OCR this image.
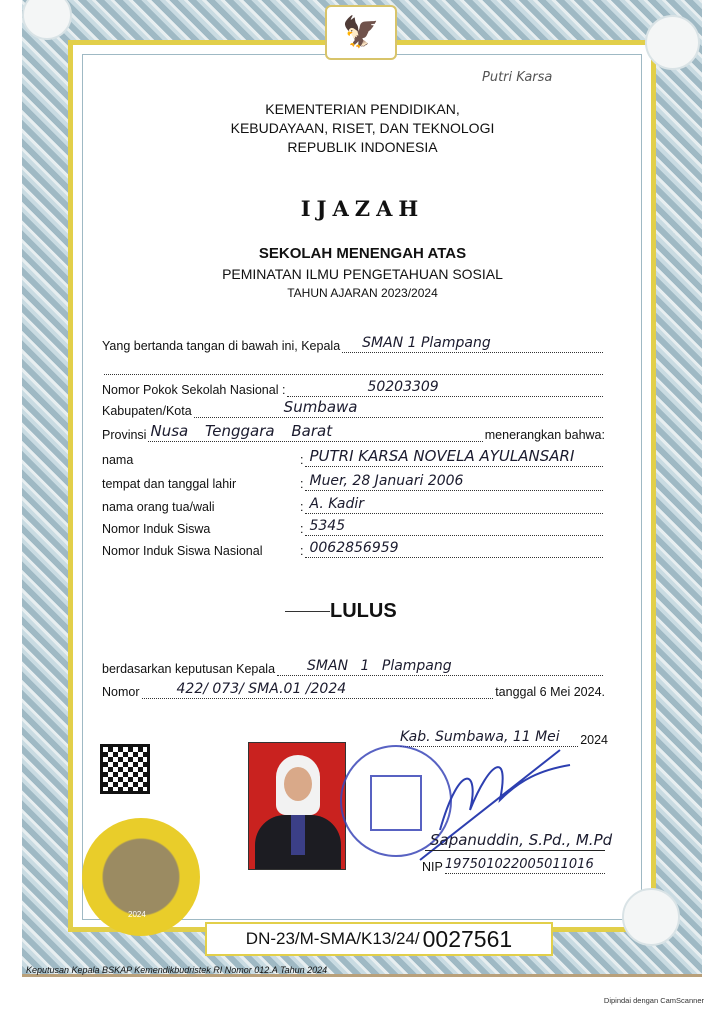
🦅
Putri Karsa
KEMENTERIAN PENDIDIKAN,
KEBUDAYAAN, RISET, DAN TEKNOLOGI
REPUBLIK INDONESIA
IJAZAH
SEKOLAH MENENGAH ATAS
PEMINATAN ILMU PENGETAHUAN SOSIAL
TAHUN AJARAN 2023/2024
Yang bertanda tangan di bawah ini, Kepala SMAN 1 Plampang
Nomor Pokok Sekolah Nasional :	50203309
Kabupaten/Kota	Sumbawa
Provinsi Nusa Tenggara Barat	menerangkan bahwa:
nama	: PUTRI KARSA NOVELA AYULANSARI
tempat dan tanggal lahir	: Muer, 28 Januari 2006
nama orang tua/wali	: A. Kadir
Nomor Induk Siswa	: 5345
Nomor Induk Siswa Nasional	: 0062856959
LULUS
berdasarkan keputusan Kepala SMAN 1 Plampang
Nomor	422/ 073/ SMA.01 /2024	tanggal 6 Mei 2024.
Kab. Sumbawa, 11 Mei 2024
Sapanuddin, S.Pd., M.Pd
NIP 197501022005011016
2024
DN-23/M-SMA/K13/24/ 0027561
Keputusan Kepala BSKAP Kemendikbudristek RI Nomor 012.A Tahun 2024
Dipindai dengan CamScanner
